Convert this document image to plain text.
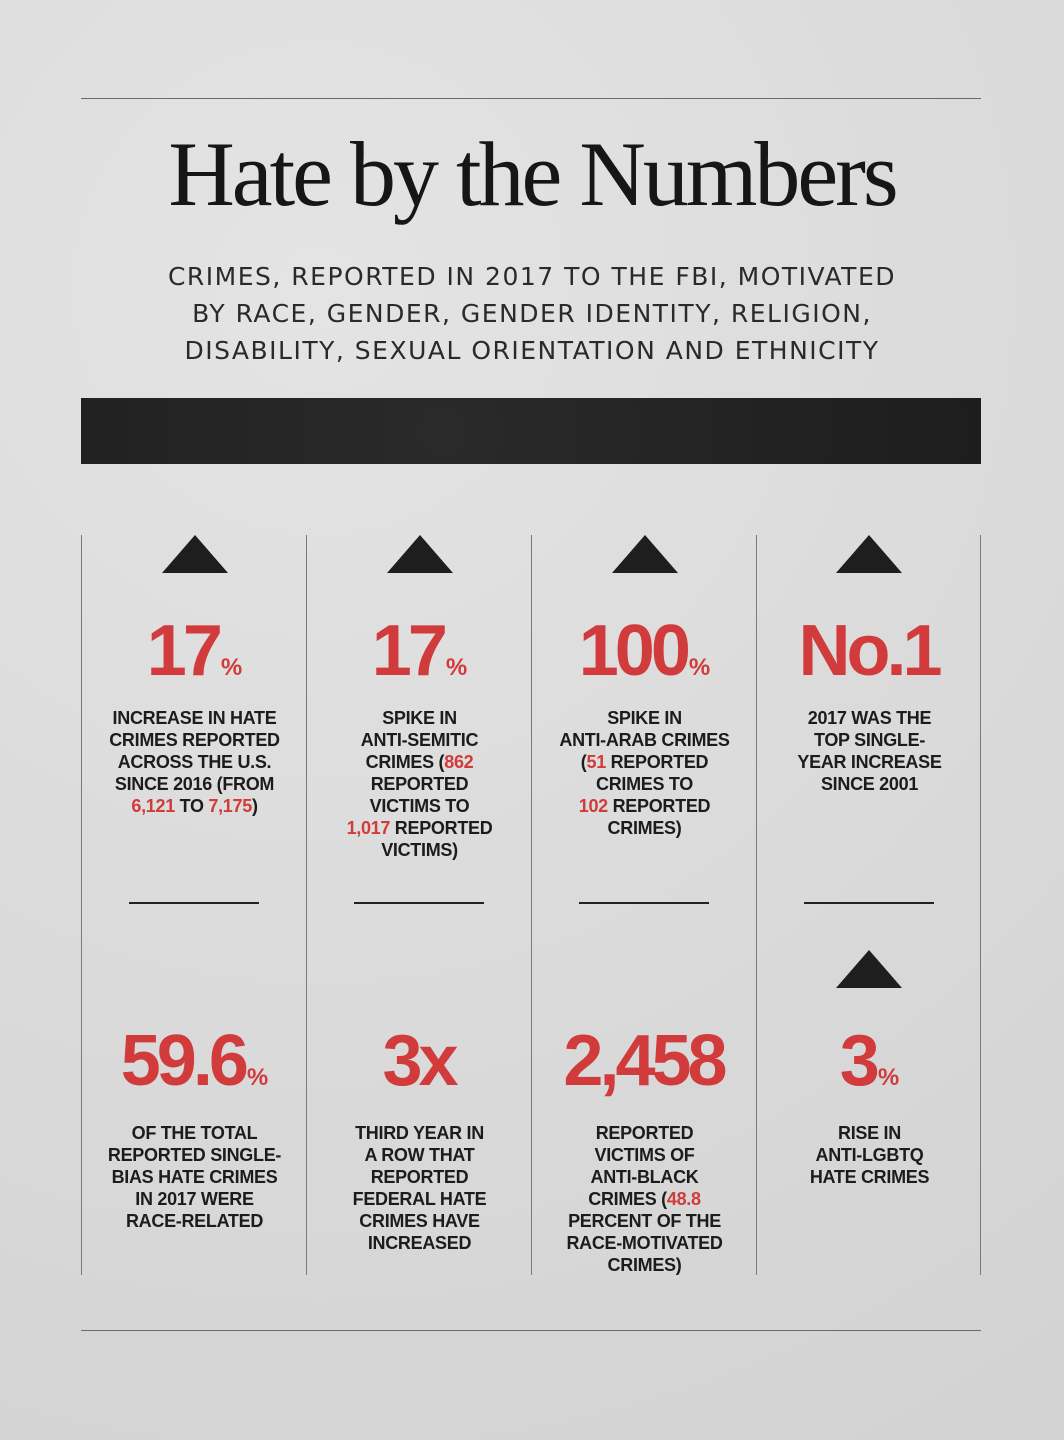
Hate by the Numbers
CRIMES, REPORTED IN 2017 TO THE FBI, MOTIVATED
BY RACE, GENDER, GENDER IDENTITY, RELIGION,
DISABILITY, SEXUAL ORIENTATION AND ETHNICITY
17%
INCREASE IN HATE
CRIMES REPORTED
ACROSS THE U.S.
SINCE 2016 (FROM
6,121 TO 7,175)
17%
SPIKE IN
ANTI-SEMITIC
CRIMES (862
REPORTED
VICTIMS TO
1,017 REPORTED
VICTIMS)
100%
SPIKE IN
ANTI-ARAB CRIMES
(51 REPORTED
CRIMES TO
102 REPORTED
CRIMES)
No.1
2017 WAS THE
TOP SINGLE-
YEAR INCREASE
SINCE 2001
59.6%
OF THE TOTAL
REPORTED SINGLE-
BIAS HATE CRIMES
IN 2017 WERE
RACE-RELATED
3x
THIRD YEAR IN
A ROW THAT
REPORTED
FEDERAL HATE
CRIMES HAVE
INCREASED
2,458
REPORTED
VICTIMS OF
ANTI-BLACK
CRIMES (48.8
PERCENT OF THE
RACE-MOTIVATED
CRIMES)
3%
RISE IN
ANTI-LGBTQ
HATE CRIMES
